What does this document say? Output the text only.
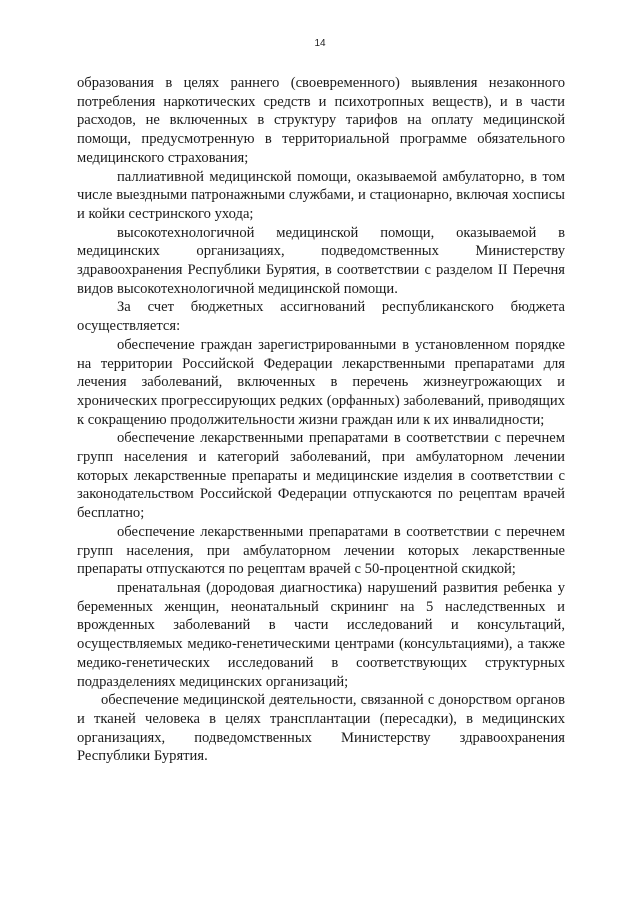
14

образования в целях раннего (своевременного) выявления незаконного потребления наркотических средств и психотропных веществ), и в части расходов, не включенных в структуру тарифов на оплату медицинской помощи, предусмотренную в территориальной программе обязательного медицинского страхования;

паллиативной медицинской помощи, оказываемой амбулаторно, в том числе выездными патронажными службами, и стационарно, включая хосписы и койки сестринского ухода;

высокотехнологичной медицинской помощи, оказываемой в медицинских организациях, подведомственных Министерству здравоохранения Республики Бурятия, в соответствии с разделом II Перечня видов высокотехнологичной медицинской помощи.

За счет бюджетных ассигнований республиканского бюджета осуществляется:

обеспечение граждан зарегистрированными в установленном порядке на территории Российской Федерации лекарственными препаратами для лечения заболеваний, включенных в перечень жизнеугрожающих и хронических прогрессирующих редких (орфанных) заболеваний, приводящих к сокращению продолжительности жизни граждан или к их инвалидности;

обеспечение лекарственными препаратами в соответствии с перечнем групп населения и категорий заболеваний, при амбулаторном лечении которых лекарственные препараты и медицинские изделия в соответствии с законодательством Российской Федерации отпускаются по рецептам врачей бесплатно;

обеспечение лекарственными препаратами в соответствии с перечнем групп населения, при амбулаторном лечении которых лекарственные препараты отпускаются по рецептам врачей с 50-процентной скидкой;

пренатальная (дородовая диагностика) нарушений развития ребенка у беременных женщин, неонатальный скрининг на 5 наследственных и врожденных заболеваний в части исследований и консультаций, осуществляемых медико-генетическими центрами (консультациями), а также медико-генетических исследований в соответствующих структурных подразделениях медицинских организаций;

обеспечение медицинской деятельности, связанной с донорством органов и тканей человека в целях трансплантации (пересадки), в медицинских организациях, подведомственных Министерству здравоохранения Республики Бурятия.
